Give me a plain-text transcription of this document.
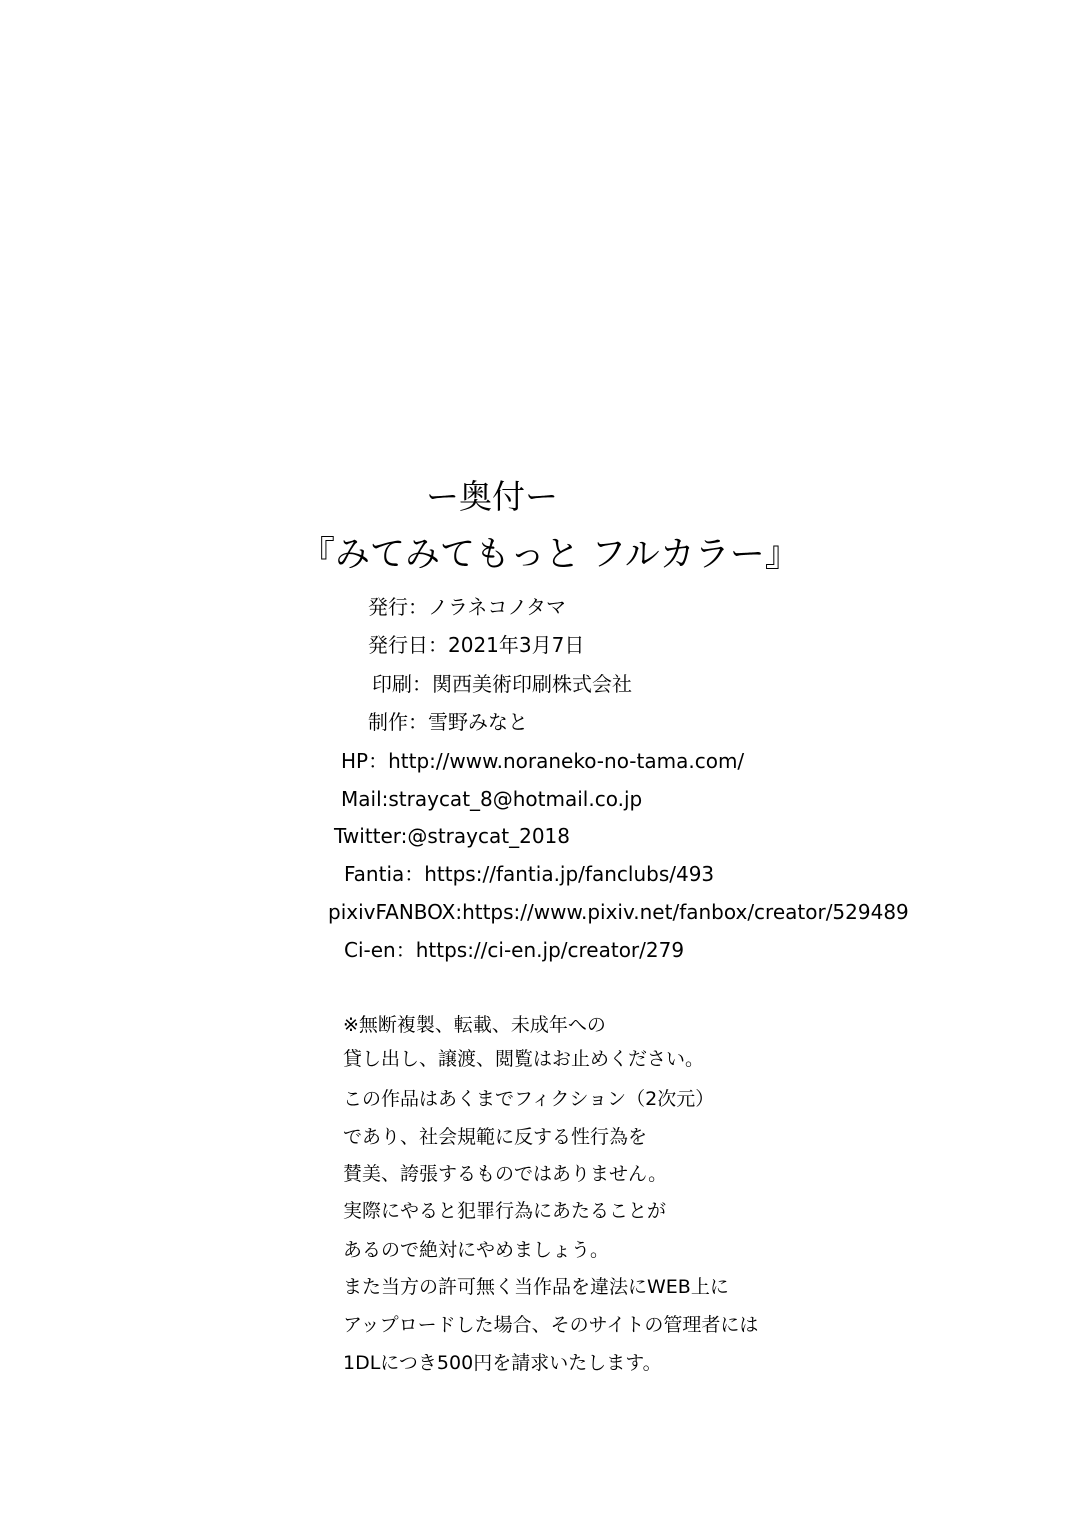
ー奥付ー
『みてみてもっと フルカラー』
発行：ノラネコノタマ
発行日：2021年3月7日
印刷：関西美術印刷株式会社
制作：雪野みなと
HP：http://www.noraneko-no-tama.com/
Mail:straycat_8@hotmail.co.jp
Twitter:@straycat_2018
Fantia：https://fantia.jp/fanclubs/493
pixivFANBOX:https://www.pixiv.net/fanbox/creator/529489
Ci-en：https://ci-en.jp/creator/279
※無断複製、転載、未成年への
貸し出し、譲渡、閲覧はお止めください。
この作品はあくまでフィクション（2次元）
であり、社会規範に反する性行為を
賛美、誇張するものではありません。
実際にやると犯罪行為にあたることが
あるので絶対にやめましょう。
また当方の許可無く当作品を違法にWEB上に
アップロードした場合、そのサイトの管理者には
1DLにつき500円を請求いたします。
